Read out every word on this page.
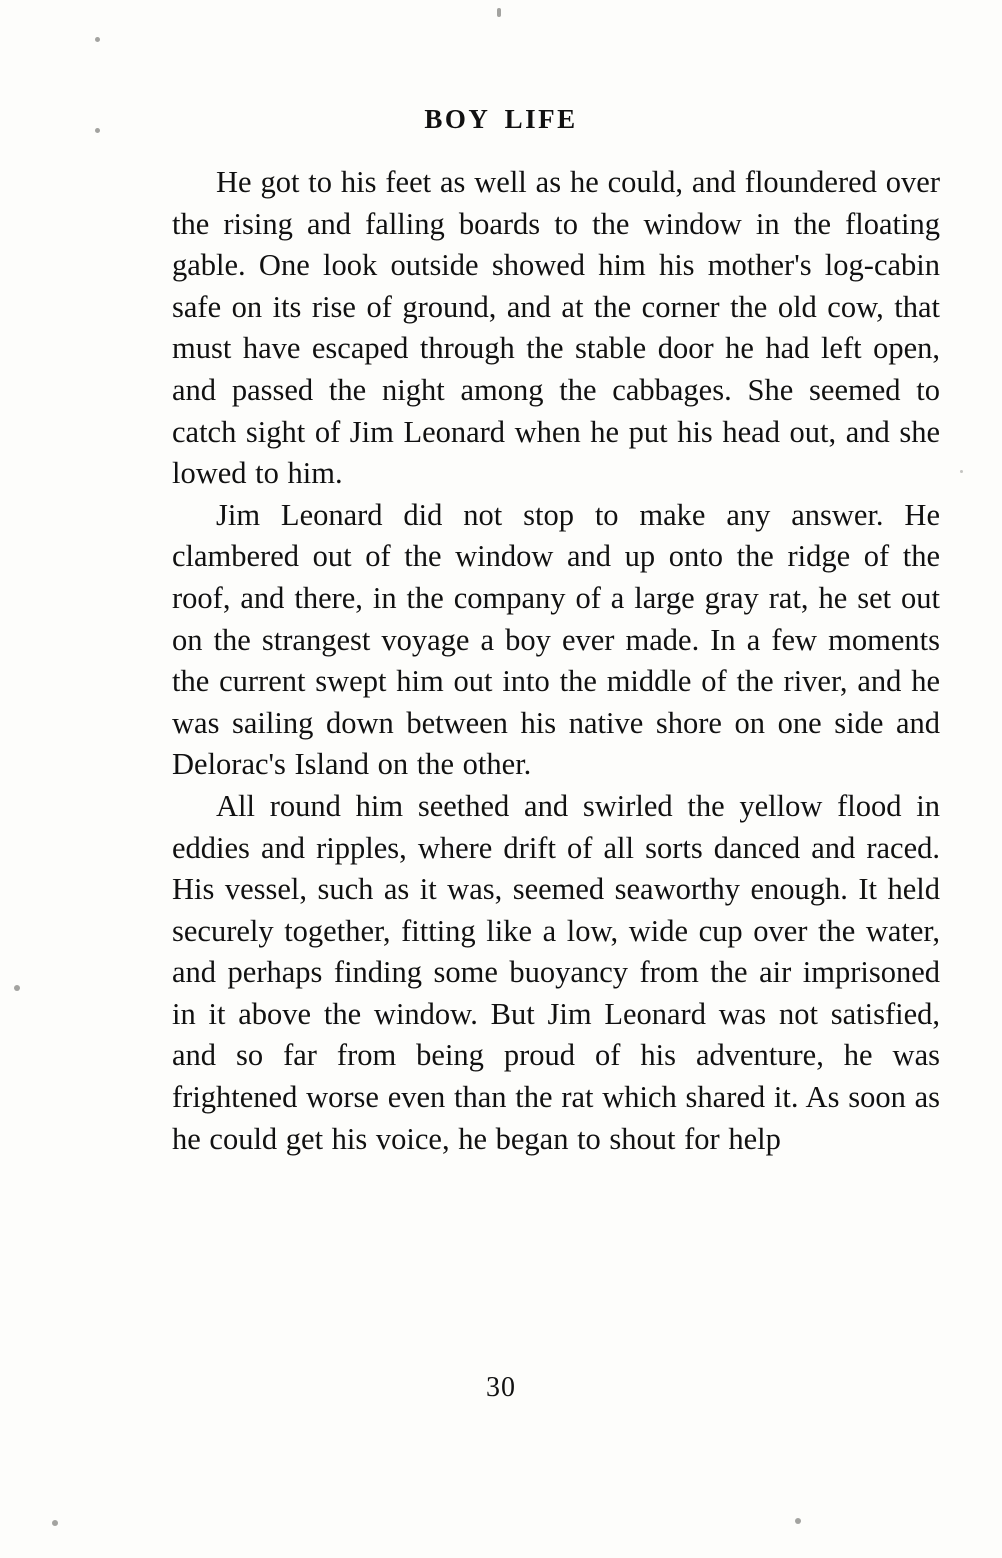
BOY LIFE

He got to his feet as well as he could, and floundered over the rising and falling boards to the window in the floating gable. One look outside showed him his mother's log-cabin safe on its rise of ground, and at the corner the old cow, that must have escaped through the stable door he had left open, and passed the night among the cabbages. She seemed to catch sight of Jim Leonard when he put his head out, and she lowed to him.

Jim Leonard did not stop to make any answer. He clambered out of the window and up onto the ridge of the roof, and there, in the company of a large gray rat, he set out on the strangest voyage a boy ever made. In a few moments the current swept him out into the middle of the river, and he was sailing down between his native shore on one side and Delorac's Island on the other.

All round him seethed and swirled the yellow flood in eddies and ripples, where drift of all sorts danced and raced. His vessel, such as it was, seemed seaworthy enough. It held securely together, fitting like a low, wide cup over the water, and perhaps finding some buoyancy from the air imprisoned in it above the window. But Jim Leonard was not satisfied, and so far from being proud of his adventure, he was frightened worse even than the rat which shared it. As soon as he could get his voice, he began to shout for help

30
